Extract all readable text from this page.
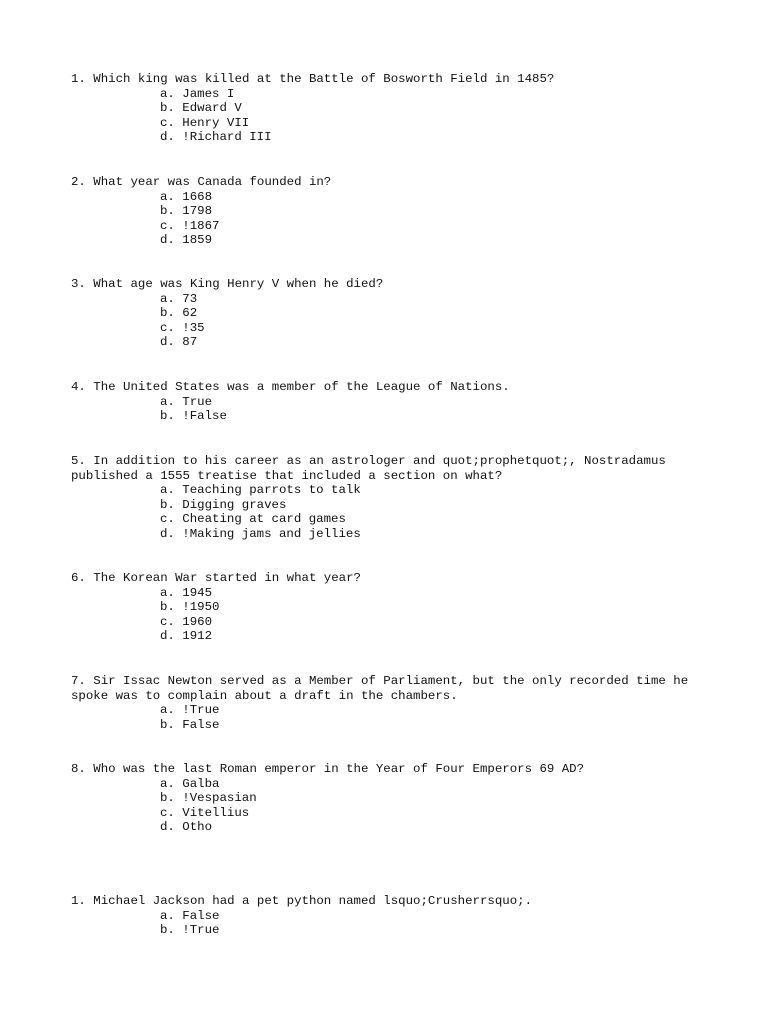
1. Which king was killed at the Battle of Bosworth Field in 1485?
a. James I
b. Edward V
c. Henry VII
d. !Richard III
2. What year was Canada founded in?
a. 1668
b. 1798
c. !1867
d. 1859
3. What age was King Henry V when he died?
a. 73
b. 62
c. !35
d. 87
4. The United States was a member of the League of Nations.
a. True
b. !False
5. In addition to his career as an astrologer and quot;prophetquot;, Nostradamus
published a 1555 treatise that included a section on what?
a. Teaching parrots to talk
b. Digging graves
c. Cheating at card games
d. !Making jams and jellies
6. The Korean War started in what year?
a. 1945
b. !1950
c. 1960
d. 1912
7. Sir Issac Newton served as a Member of Parliament, but the only recorded time he
spoke was to complain about a draft in the chambers.
a. !True
b. False
8. Who was the last Roman emperor in the Year of Four Emperors 69 AD?
a. Galba
b. !Vespasian
c. Vitellius
d. Otho
1. Michael Jackson had a pet python named lsquo;Crusherrsquo;.
a. False
b. !True
